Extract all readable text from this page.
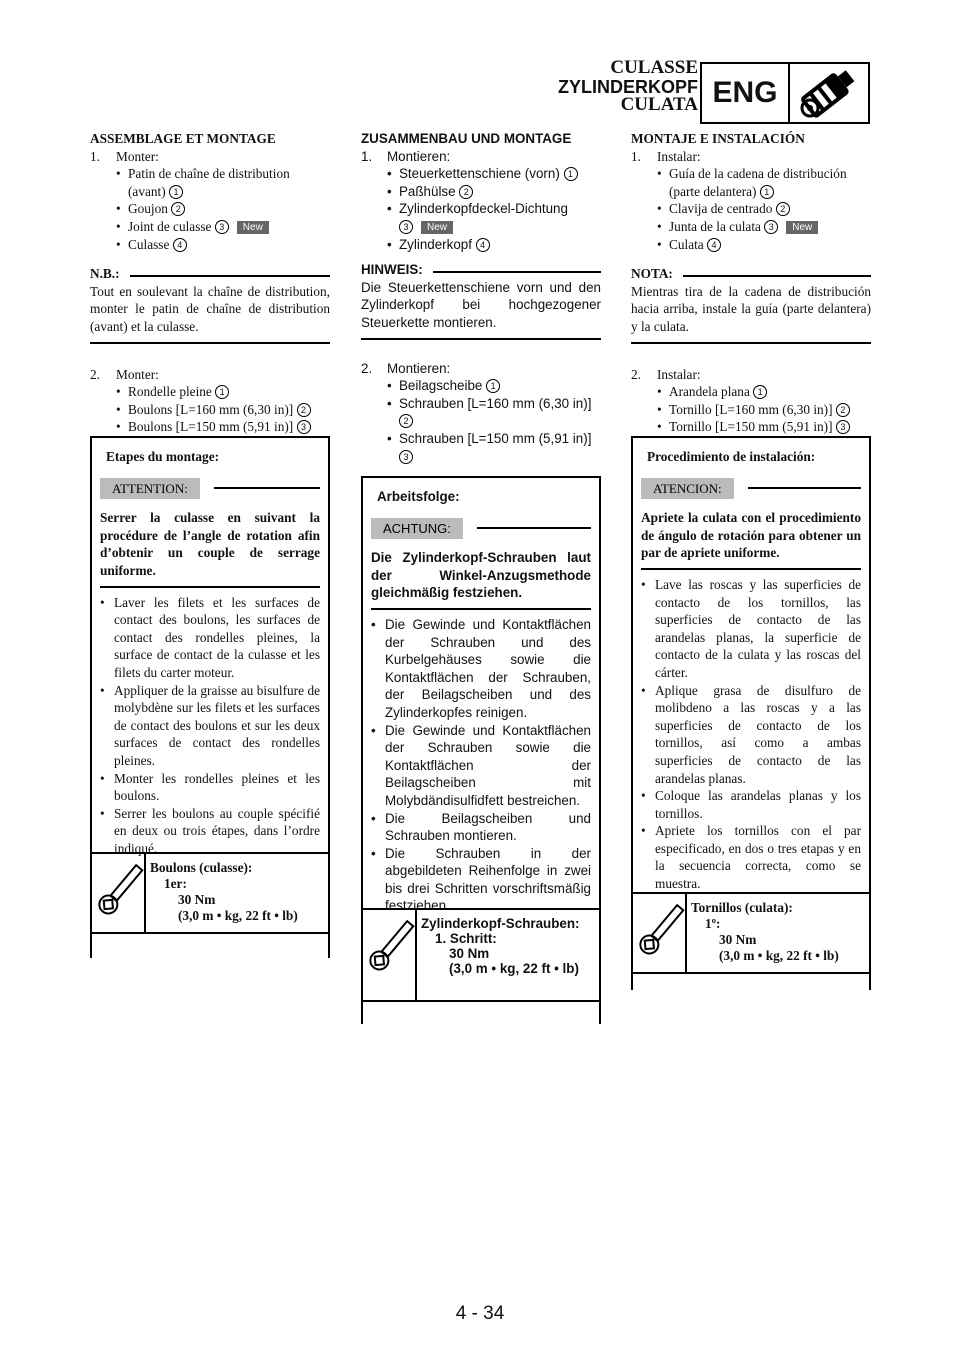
CULASSE
ZYLINDERKOPF
CULATA ENG
ASSEMBLAGE ET MONTAGE
1.	Monter:
• Patin de chaîne de distribution (avant) 1
• Goujon 2
• Joint de culasse 3 New
• Culasse 4
N.B.:
Tout en soulevant la chaîne de distribution, monter le patin de chaîne de distribution (avant) et la culasse.
2.	Monter:
• Rondelle pleine 1
• Boulons [L=160 mm (6,30 in)] 2
• Boulons [L=150 mm (5,91 in)] 3
Etapes du montage:
ATTENTION:
Serrer la culasse en suivant la procédure de l’angle de rotation afin d’obtenir un couple de serrage uniforme.
• Laver les filets et les surfaces de contact des boulons, les surfaces de contact des rondelles pleines, la surface de contact de la culasse et les filets du carter moteur.
• Appliquer de la graisse au bisulfure de molybdène sur les filets et les surfaces de contact des boulons et sur les deux surfaces de contact des rondelles pleines.
• Monter les rondelles pleines et les boulons.
• Serrer les boulons au couple spécifié en deux ou trois étapes, dans l’ordre indiqué.
Boulons (culasse):
1er:
30 Nm
(3,0 m • kg, 22 ft • lb)
ZUSAMMENBAU UND MONTAGE
1.	Montieren:
• Steuerkettenschiene (vorn) 1
• Paßhülse 2
• Zylinderkopfdeckel-Dichtung
3 New
• Zylinderkopf 4
HINWEIS:
Die Steuerkettenschiene vorn und den Zylinderkopf bei hochgezogener Steuerkette montieren.
2.	Montieren:
• Beilagscheibe 1
• Schrauben [L=160 mm (6,30 in)] 2
• Schrauben [L=150 mm (5,91 in)] 3
Arbeitsfolge:
ACHTUNG:
Die Zylinderkopf-Schrauben laut der Winkel-Anzugsmethode gleichmäßig festziehen.
• Die Gewinde und Kontaktflächen der Schrauben und des Kurbelgehäuses sowie die Kontaktflächen der Schrauben, der Beilagscheiben und des Zylinderkopfes reinigen.
• Die Gewinde und Kontaktflächen der Schrauben sowie die Kontaktflächen der Beilagscheiben mit Molybdändisulfidfett bestreichen.
• Die Beilagscheiben und Schrauben montieren.
• Die Schrauben in der abgebildeten Reihenfolge in zwei bis drei Schritten vorschriftsmäßig festziehen.
Zylinderkopf-Schrauben:
1. Schritt:
30 Nm
(3,0 m • kg, 22 ft • lb)
MONTAJE E INSTALACIÓN
1.	Instalar:
• Guía de la cadena de distribución (parte delantera) 1
• Clavija de centrado 2
• Junta de la culata 3 New
• Culata 4
NOTA:
Mientras tira de la cadena de distribución hacia arriba, instale la guía (parte delantera) y la culata.
2.	Instalar:
• Arandela plana 1
• Tornillo [L=160 mm (6,30 in)] 2
• Tornillo [L=150 mm (5,91 in)] 3
Procedimiento de instalación:
ATENCION:
Apriete la culata con el procedimiento de ángulo de rotación para obtener un par de apriete uniforme.
• Lave las roscas y las superficies de contacto de los tornillos, las superficies de contacto de las arandelas planas, la superficie de contacto de la culata y las roscas del cárter.
• Aplique grasa de disulfuro de molibdeno a las roscas y a las superficies de contacto de los tornillos, así como a ambas superficies de contacto de las arandelas planas.
• Coloque las arandelas planas y los tornillos.
• Apriete los tornillos con el par especificado, en dos o tres etapas y en la secuencia correcta, como se muestra.
Tornillos (culata):
1º:
30 Nm
(3,0 m • kg, 22 ft • lb)
4 - 34
